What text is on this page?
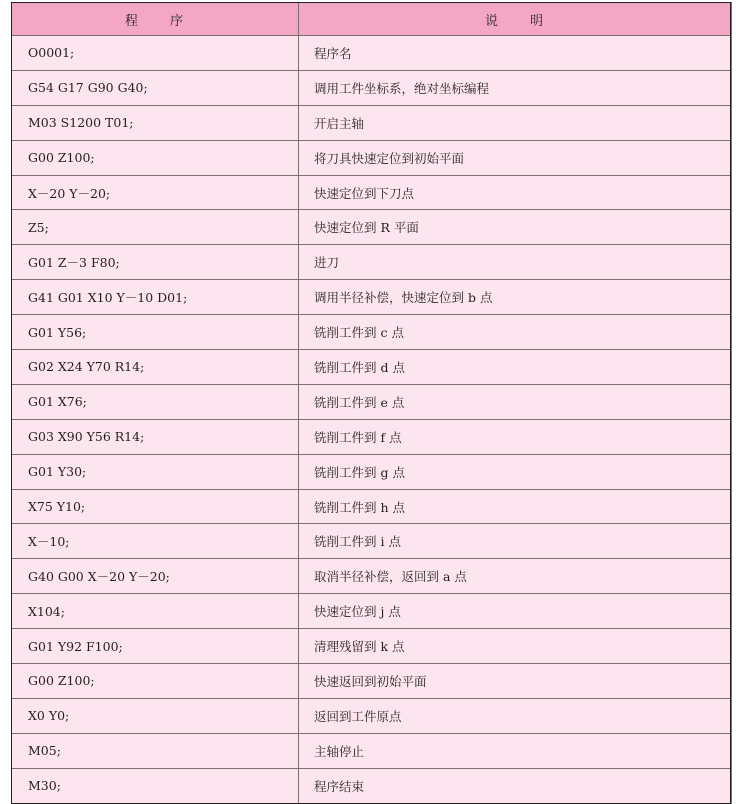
程 序	说 明
O0001;	程序名
G54 G17 G90 G40;	调用工件坐标系，绝对坐标编程
M03 S1200 T01;	开启主轴
G00 Z100;	将刀具快速定位到初始平面
X－20 Y－20;	快速定位到下刀点
Z5;	快速定位到 R 平面
G01 Z－3 F80;	进刀
G41 G01 X10 Y－10 D01;	调用半径补偿，快速定位到 b 点
G01 Y56;	铣削工件到 c 点
G02 X24 Y70 R14;	铣削工件到 d 点
G01 X76;	铣削工件到 e 点
G03 X90 Y56 R14;	铣削工件到 f 点
G01 Y30;	铣削工件到 g 点
X75 Y10;	铣削工件到 h 点
X－10;	铣削工件到 i 点
G40 G00 X－20 Y－20;	取消半径补偿，返回到 a 点
X104;	快速定位到 j 点
G01 Y92 F100;	清理残留到 k 点
G00 Z100;	快速返回到初始平面
X0 Y0;	返回到工件原点
M05;	主轴停止
M30;	程序结束
